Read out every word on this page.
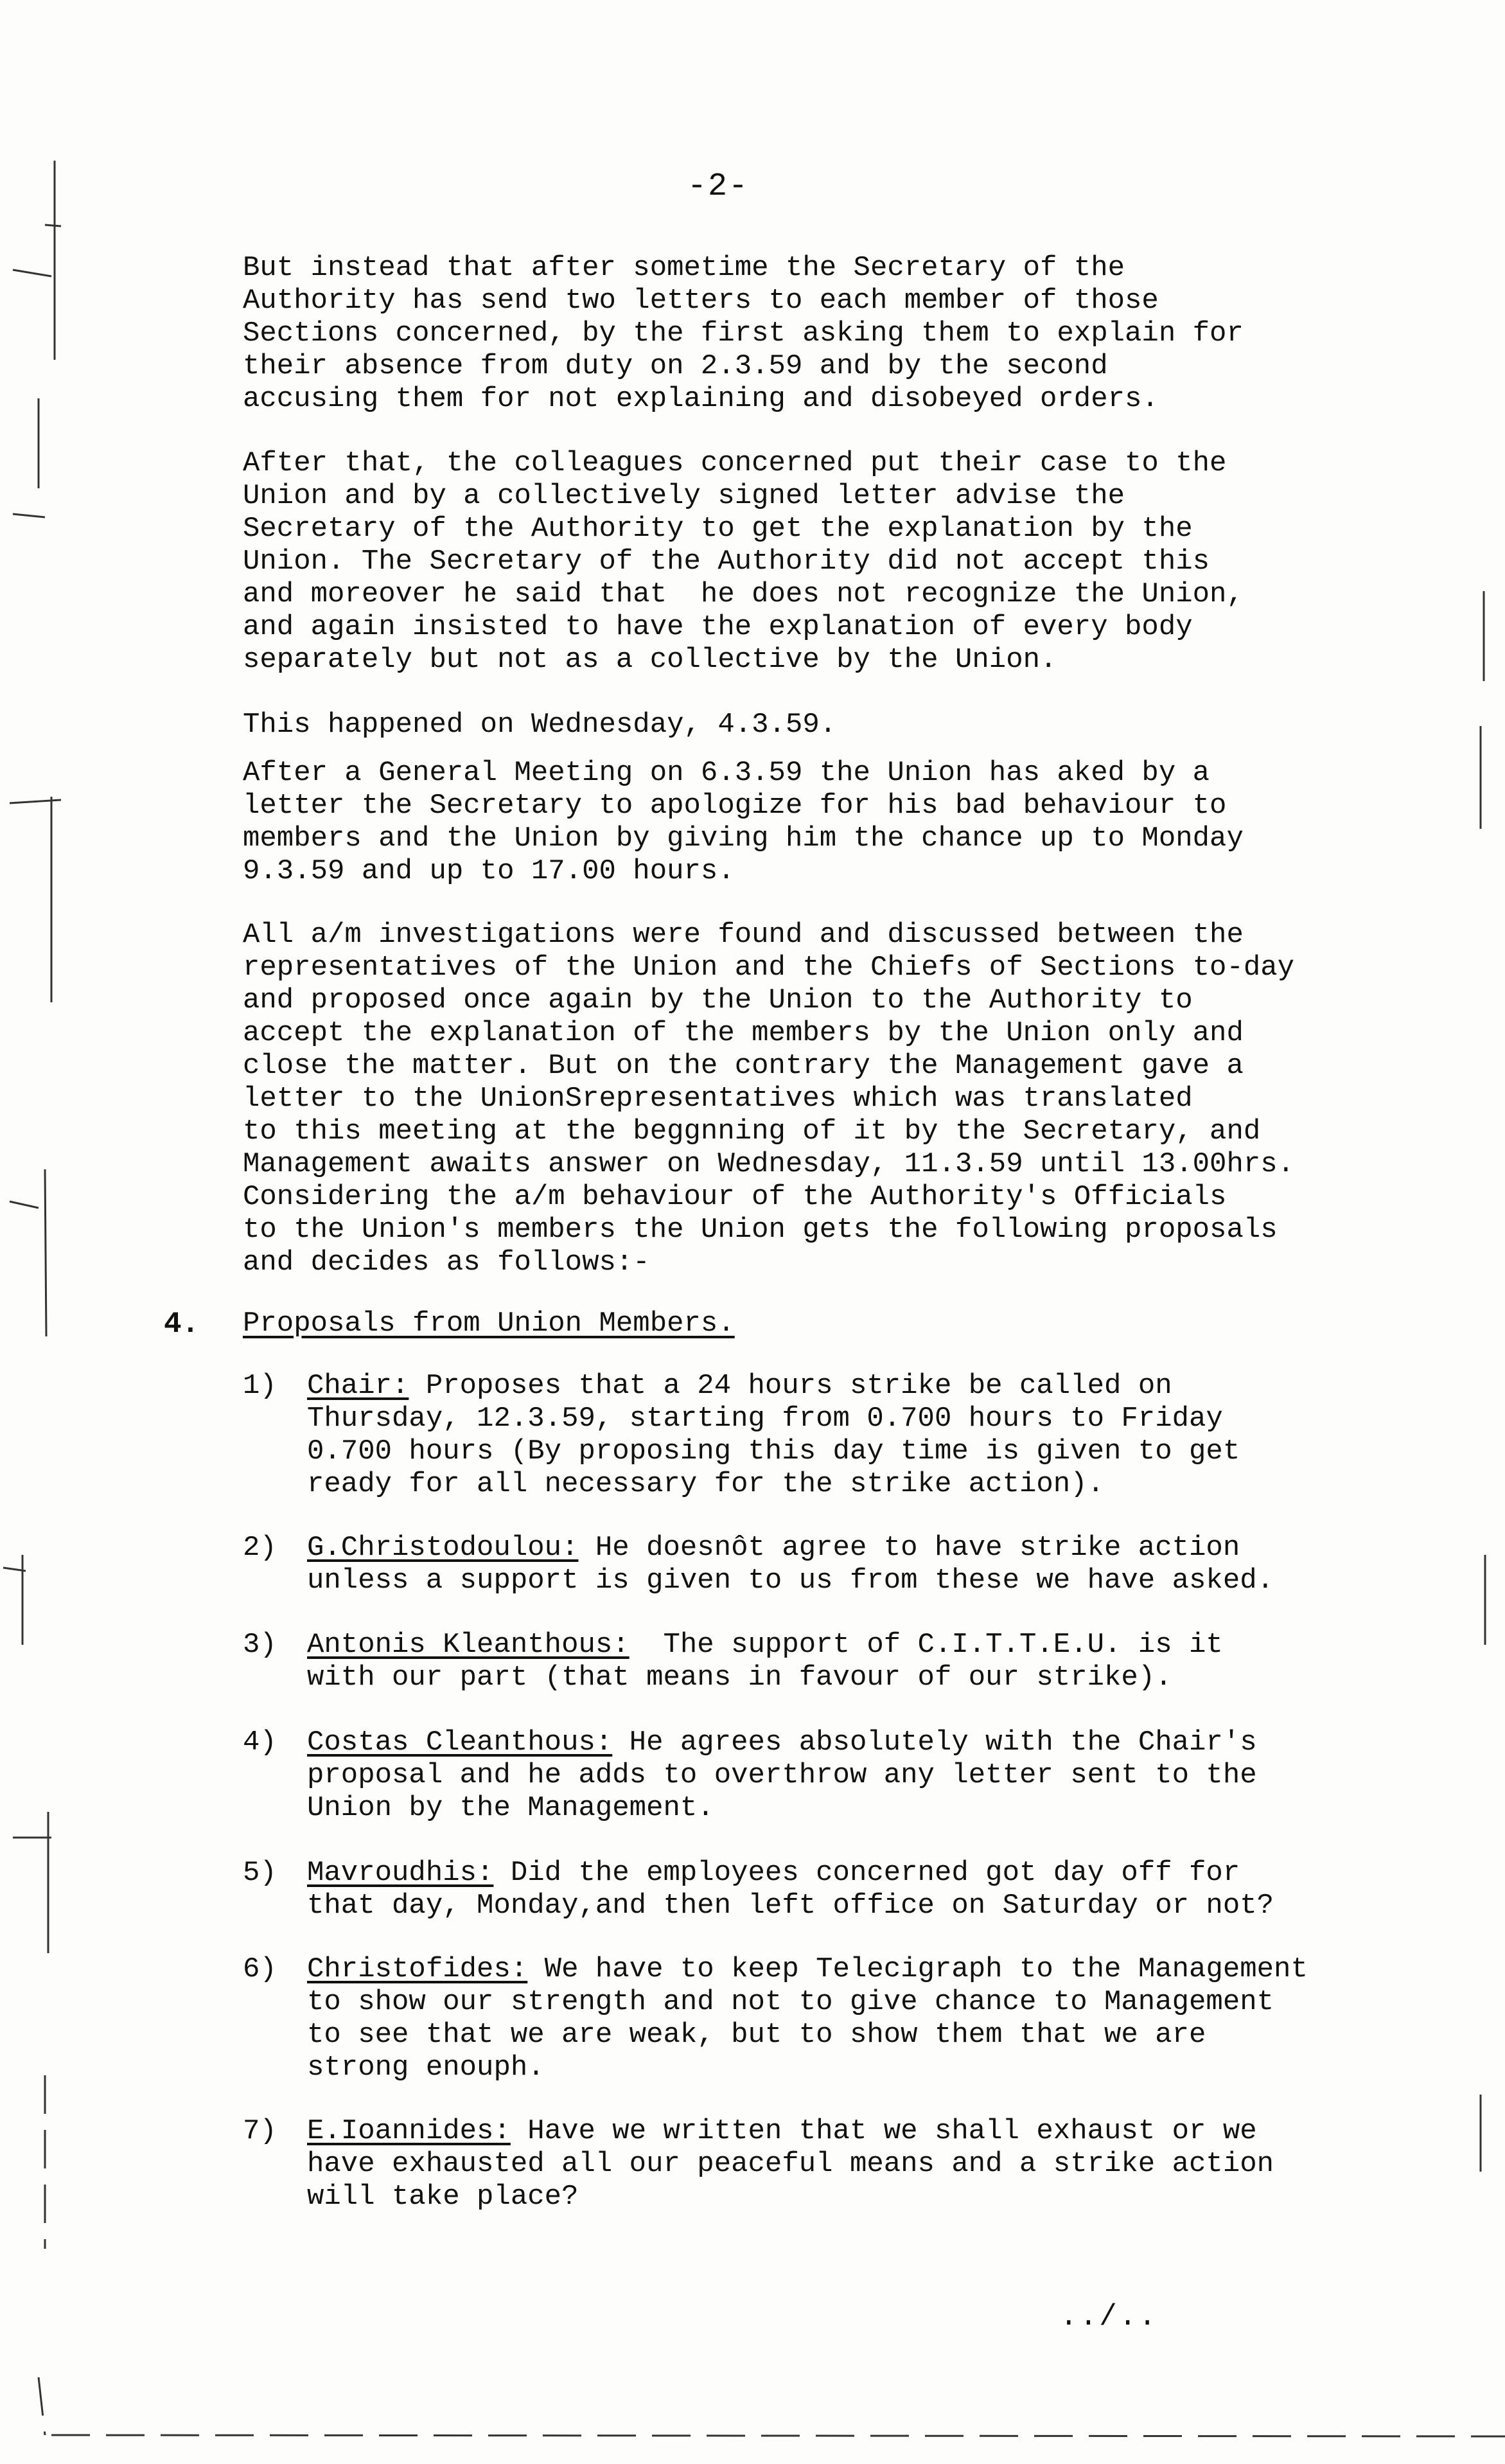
-2-

But instead that after sometime the Secretary of the
Authority has send two letters to each member of those
Sections concerned, by the first asking them to explain for
their absence from duty on 2.3.59 and by the second
accusing them for not explaining and disobeyed orders.

After that, the colleagues concerned put their case to the
Union and by a collectively signed letter advise the
Secretary of the Authority to get the explanation by the
Union. The Secretary of the Authority did not accept this
and moreover he said that  he does not recognize the Union,
and again insisted to have the explanation of every body
separately but not as a collective by the Union.

This happened on Wednesday, 4.3.59.

After a General Meeting on 6.3.59 the Union has aked by a
letter the Secretary to apologize for his bad behaviour to
members and the Union by giving him the chance up to Monday
9.3.59 and up to 17.00 hours.

All a/m investigations were found and discussed between the
representatives of the Union and the Chiefs of Sections to-day
and proposed once again by the Union to the Authority to
accept the explanation of the members by the Union only and
close the matter. But on the contrary the Management gave a
letter to the UnionSrepresentatives which was translated
to this meeting at the beggnning of it by the Secretary, and
Management awaits answer on Wednesday, 11.3.59 until 13.00hrs.
Considering the a/m behaviour of the Authority's Officials
to the Union's members the Union gets the following proposals
and decides as follows:-

4. Proposals from Union Members.
1)	Chair: Proposes that a 24 hours strike be called on
Thursday, 12.3.59, starting from 0.700 hours to Friday
0.700 hours (By proposing this day time is given to get
ready for all necessary for the strike action).
2)	G.Christodoulou: He doesnôt agree to have strike action
unless a support is given to us from these we have asked.
3)	Antonis Kleanthous:  The support of C.I.T.T.E.U. is it
with our part (that means in favour of our strike).
4)	Costas Cleanthous: He agrees absolutely with the Chair's
proposal and he adds to overthrow any letter sent to the
Union by the Management.
5)	Mavroudhis: Did the employees concerned got day off for
that day, Monday,and then left office on Saturday or not?
6)	Christofides: We have to keep Telecigraph to the Management
to show our strength and not to give chance to Management
to see that we are weak, but to show them that we are
strong enouph.
7)	E.Ioannides: Have we written that we shall exhaust or we
have exhausted all our peaceful means and a strike action
will take place?
../..
